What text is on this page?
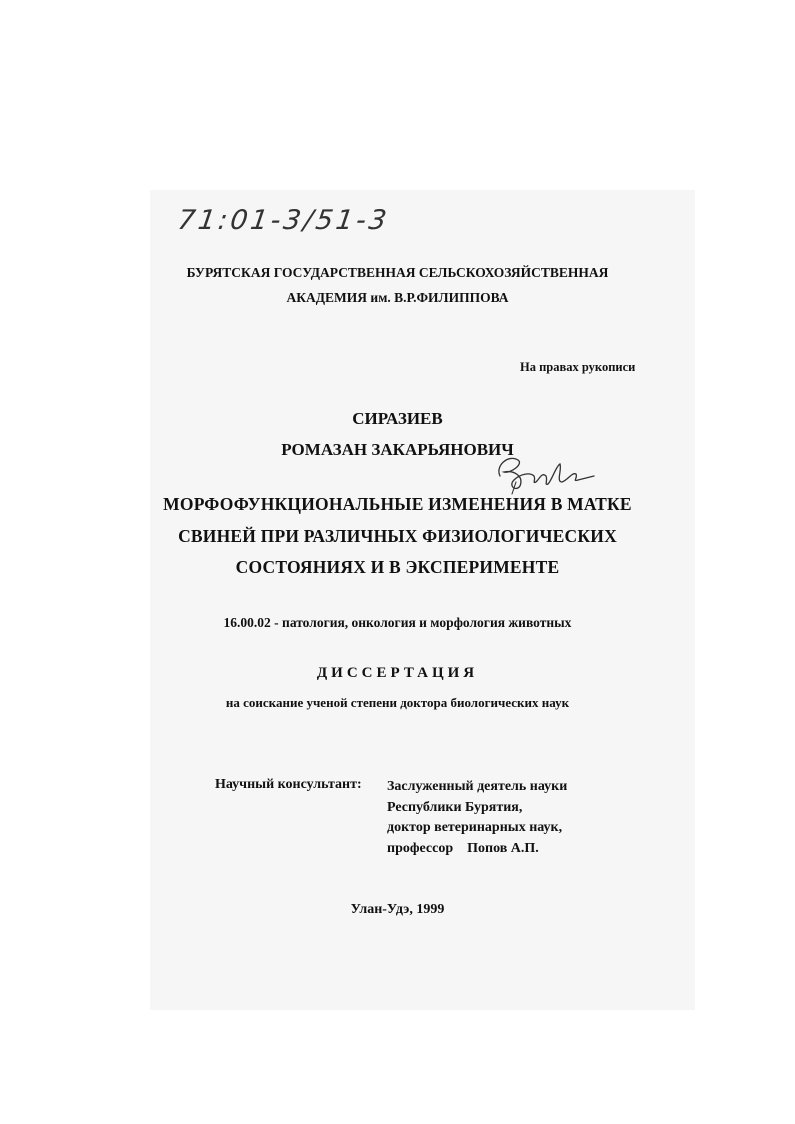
71:01-3/51-3
БУРЯТСКАЯ ГОСУДАРСТВЕННАЯ СЕЛЬСКОХОЗЯЙСТВЕННАЯ
АКАДЕМИЯ им. В.Р.ФИЛИППОВА
На правах рукописи
СИРАЗИЕВ
РОМАЗАН ЗАКАРЬЯНОВИЧ
МОРФОФУНКЦИОНАЛЬНЫЕ ИЗМЕНЕНИЯ В МАТКЕ
СВИНЕЙ ПРИ РАЗЛИЧНЫХ ФИЗИОЛОГИЧЕСКИХ
СОСТОЯНИЯХ И В ЭКСПЕРИМЕНТЕ
16.00.02 - патология, онкология и морфология животных
ДИССЕРТАЦИЯ
на соискание ученой степени доктора биологических наук
Научный консультант: Заслуженный деятель науки
Республики Бурятия,
доктор ветеринарных наук,
профессор    Попов А.П.
Улан-Удэ, 1999
